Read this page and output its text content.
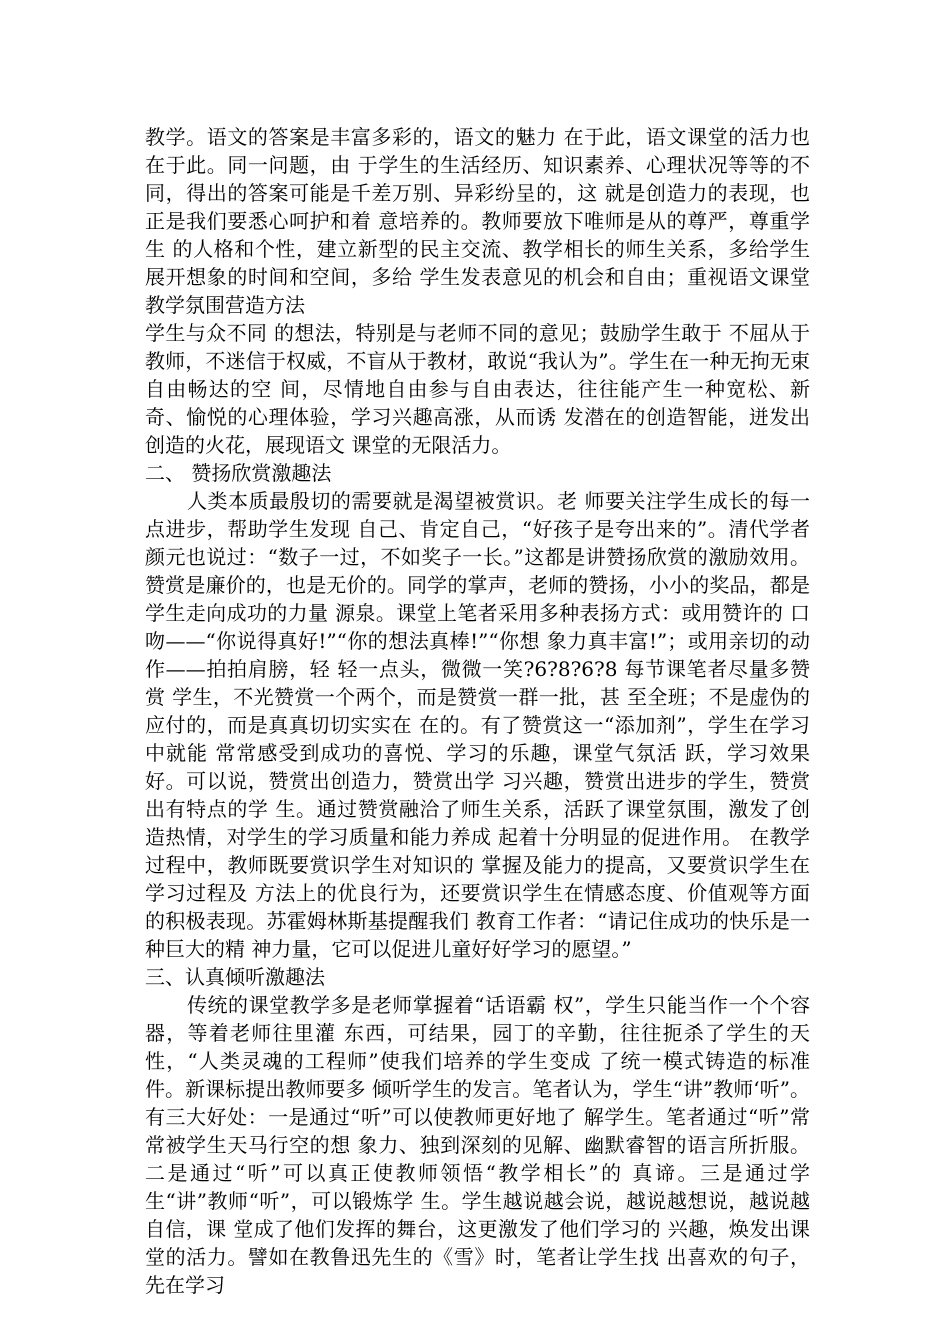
教学。语文的答案是丰富多彩的，语文的魅力 在于此，语文课堂的活力也在于此。同一问题，由 于学生的生活经历、知识素养、心理状况等等的不 同，得出的答案可能是千差万别、异彩纷呈的，这 就是创造力的表现，也正是我们要悉心呵护和着 意培养的。教师要放下唯师是从的尊严，尊重学生 的人格和个性，建立新型的民主交流、教学相长的师生关系，多给学生展开想象的时间和空间，多给 学生发表意见的机会和自由；重视语文课堂教学氛围营造方法

学生与众不同 的想法，特别是与老师不同的意见；鼓励学生敢于 不屈从于教师，不迷信于权威，不盲从于教材，敢说“我认为”。学生在一种无拘无束自由畅达的空 间，尽情地自由参与自由表达，往往能产生一种宽松、新奇、愉悦的心理体验，学习兴趣高涨，从而诱 发潜在的创造智能，迸发出创造的火花，展现语文 课堂的无限活力。

二、 赞扬欣赏激趣法

人类本质最殷切的需要就是渴望被赏识。老 师要关注学生成长的每一点进步，帮助学生发现 自己、肯定自己，“好孩子是夸出来的”。清代学者 颜元也说过：“数子一过，不如奖子一长。”这都是讲赞扬欣赏的激励效用。赞赏是廉价的，也是无价的。同学的掌声，老师的赞扬，小小的奖品，都是学生走向成功的力量 源泉。课堂上笔者采用多种表扬方式：或用赞许的 口吻——“你说得真好!”“你的想法真棒!”“你想 象力真丰富!”；或用亲切的动作——拍拍肩膀，轻 轻一点头，微微一笑?6?8?6?8 每节课笔者尽量多赞赏 学生，不光赞赏一个两个，而是赞赏一群一批，甚 至全班；不是虚伪的应付的，而是真真切切实实在 在的。有了赞赏这一“添加剂”，学生在学习中就能 常常感受到成功的喜悦、学习的乐趣，课堂气氛活 跃，学习效果好。可以说，赞赏出创造力，赞赏出学 习兴趣，赞赏出进步的学生，赞赏出有特点的学 生。通过赞赏融洽了师生关系，活跃了课堂氛围，激发了创造热情，对学生的学习质量和能力养成 起着十分明显的促进作用。 在教学过程中，教师既要赏识学生对知识的 掌握及能力的提高，又要赏识学生在学习过程及 方法上的优良行为，还要赏识学生在情感态度、价值观等方面的积极表现。苏霍姆林斯基提醒我们 教育工作者：“请记住成功的快乐是一种巨大的精 神力量，它可以促进儿童好好学习的愿望。”

三、认真倾听激趣法

传统的课堂教学多是老师掌握着“话语霸 权”，学生只能当作一个个容器，等着老师往里灌 东西，可结果，园丁的辛勤，往往扼杀了学生的天 性，“人类灵魂的工程师”使我们培养的学生变成 了统一模式铸造的标准件。新课标提出教师要多 倾听学生的发言。笔者认为，学生“讲”教师‘听”。有三大好处：一是通过“听”可以使教师更好地了 解学生。笔者通过“听”常常被学生天马行空的想 象力、独到深刻的见解、幽默睿智的语言所折服。二是通过“听”可以真正使教师领悟“教学相长”的 真谛。三是通过学生“讲”教师“听”，可以锻炼学 生。学生越说越会说，越说越想说，越说越自信，课 堂成了他们发挥的舞台，这更激发了他们学习的 兴趣，焕发出课堂的活力。譬如在教鲁迅先生的《雪》时，笔者让学生找 出喜欢的句子，先在学习
